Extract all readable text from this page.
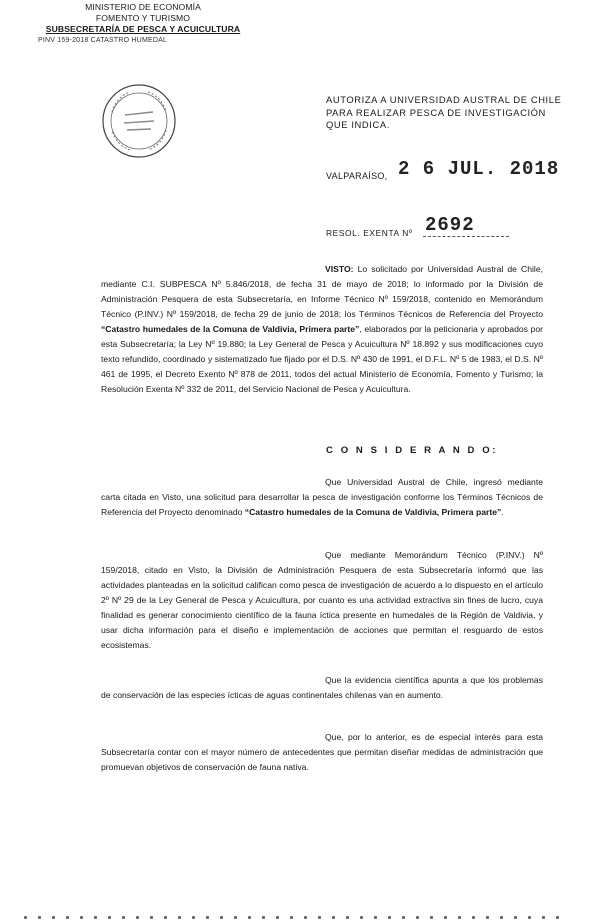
MINISTERIO DE ECONOMÍA
FOMENTO Y TURISMO
SUBSECRETARÍA DE PESCA Y ACUICULTURA
PINV 159-2018 CATASTRO HUMEDAL
AUTORIZA A UNIVERSIDAD AUSTRAL DE CHILE PARA REALIZAR PESCA DE INVESTIGACIÓN QUE INDICA.
VALPARAÍSO, 2 6 JUL. 2018
RESOL. EXENTA Nº 2692
VISTO: Lo solicitado por Universidad Austral de Chile, mediante C.I. SUBPESCA Nº 5.846/2018, de fecha 31 de mayo de 2018; lo informado por la División de Administración Pesquera de esta Subsecretaría, en Informe Técnico Nº 159/2018, contenido en Memorándum Técnico (P.INV.) Nº 159/2018, de fecha 29 de junio de 2018; los Términos Técnicos de Referencia del Proyecto “Catastro humedales de la Comuna de Valdivia, Primera parte”, elaborados por la peticionaria y aprobados por esta Subsecretaría; la Ley Nº 19.880; la Ley General de Pesca y Acuicultura Nº 18.892 y sus modificaciones cuyo texto refundido, coordinado y sistematizado fue fijado por el D.S. Nº 430 de 1991, el D.F.L. Nº 5 de 1983, el D.S. Nº 461 de 1995, el Decreto Exento Nº 878 de 2011, todos del actual Ministerio de Economía, Fomento y Turismo; la Resolución Exenta Nº 332 de 2011, del Servicio Nacional de Pesca y Acuicultura.
C O N S I D E R A N D O:
Que Universidad Austral de Chile, ingresó mediante carta citada en Visto, una solicitud para desarrollar la pesca de investigación conforme los Términos Técnicos de Referencia del Proyecto denominado “Catastro humedales de la Comuna de Valdivia, Primera parte”.
Que mediante Memorándum Técnico (P.INV.) Nº 159/2018, citado en Visto, la División de Administración Pesquera de esta Subsecretaría informó que las actividades planteadas en la solicitud califican como pesca de investigación de acuerdo a lo dispuesto en el artículo 2º Nº 29 de la Ley General de Pesca y Acuicultura, por cuanto es una actividad extractiva sin fines de lucro, cuya finalidad es generar conocimiento científico de la fauna íctica presente en humedales de la Región de Valdivia, y usar dicha información para el diseño e implementación de acciones que permitan el resguardo de estos ecosistemas.
Que la evidencia científica apunta a que los problemas de conservación de las especies ícticas de aguas continentales chilenas van en aumento.
Que, por lo anterior, es de especial interés para esta Subsecretaría contar con el mayor número de antecedentes que permitan diseñar medidas de administración que promuevan objetivos de conservación de fauna nativa.
